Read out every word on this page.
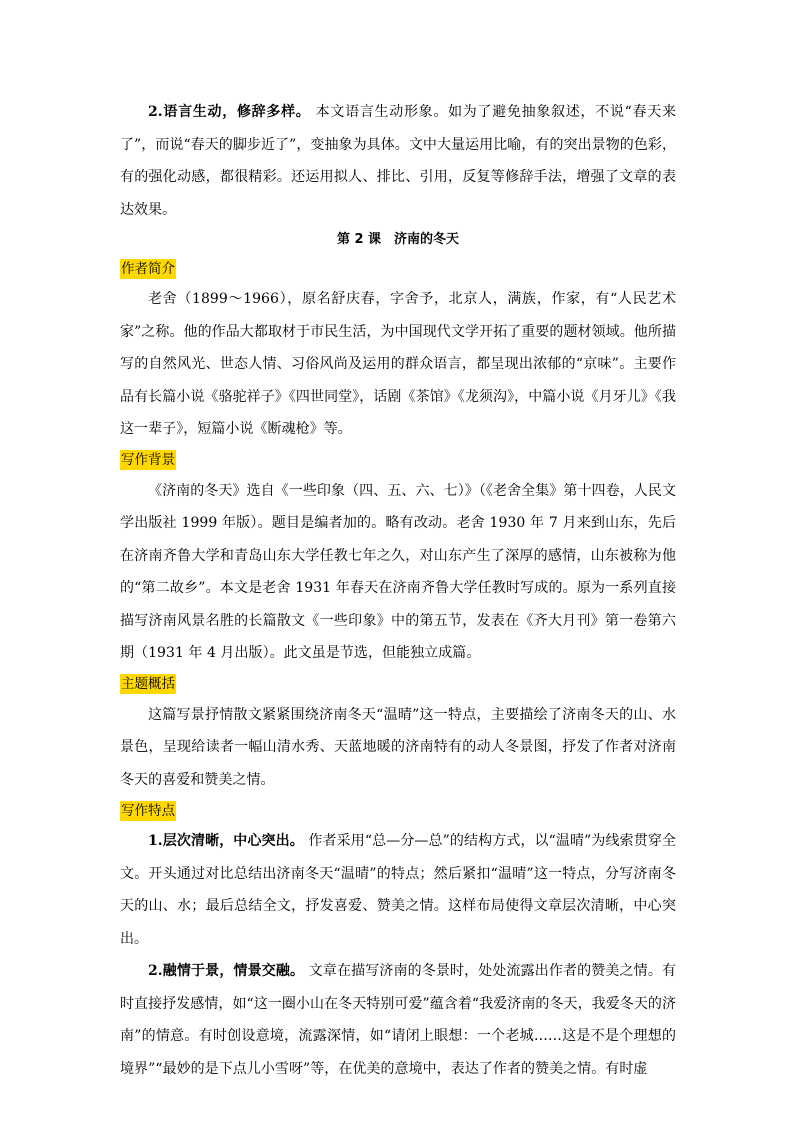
2.语言生动，修辞多样。 本文语言生动形象。如为了避免抽象叙述，不说“春天来了”，而说“春天的脚步近了”，变抽象为具体。文中大量运用比喻，有的突出景物的色彩，有的强化动感，都很精彩。还运用拟人、排比、引用，反复等修辞手法，增强了文章的表达效果。

第 2 课　济南的冬天

作者简介

老舍（1899～1966），原名舒庆春，字舍予，北京人，满族，作家，有“人民艺术家”之称。他的作品大都取材于市民生活，为中国现代文学开拓了重要的题材领域。他所描写的自然风光、世态人情、习俗风尚及运用的群众语言，都呈现出浓郁的“京味”。主要作品有长篇小说《骆驼祥子》《四世同堂》，话剧《茶馆》《龙须沟》，中篇小说《月牙儿》《我这一辈子》，短篇小说《断魂枪》等。

写作背景

《济南的冬天》选自《一些印象（四、五、六、七）》（《老舍全集》第十四卷，人民文学出版社 1999 年版）。题目是编者加的。略有改动。老舍 1930 年 7 月来到山东，先后在济南齐鲁大学和青岛山东大学任教七年之久，对山东产生了深厚的感情，山东被称为他的“第二故乡”。本文是老舍 1931 年春天在济南齐鲁大学任教时写成的。原为一系列直接描写济南风景名胜的长篇散文《一些印象》中的第五节，发表在《齐大月刊》第一卷第六期（1931 年 4 月出版）。此文虽是节选，但能独立成篇。

主题概括

这篇写景抒情散文紧紧围绕济南冬天“温晴”这一特点，主要描绘了济南冬天的山、水景色，呈现给读者一幅山清水秀、天蓝地暖的济南特有的动人冬景图，抒发了作者对济南冬天的喜爱和赞美之情。

写作特点

1.层次清晰，中心突出。 作者采用“总—分—总”的结构方式，以“温晴”为线索贯穿全文。开头通过对比总结出济南冬天“温晴”的特点；然后紧扣“温晴”这一特点，分写济南冬天的山、水；最后总结全文，抒发喜爱、赞美之情。这样布局使得文章层次清晰，中心突出。

2.融情于景，情景交融。 文章在描写济南的冬景时，处处流露出作者的赞美之情。有时直接抒发感情，如“这一圈小山在冬天特别可爱”蕴含着“我爱济南的冬天，我爱冬天的济南”的情意。有时创设意境，流露深情，如“请闭上眼想：一个老城……这是不是个理想的境界”“最妙的是下点儿小雪呀”等，在优美的意境中，表达了作者的赞美之情。有时虚
